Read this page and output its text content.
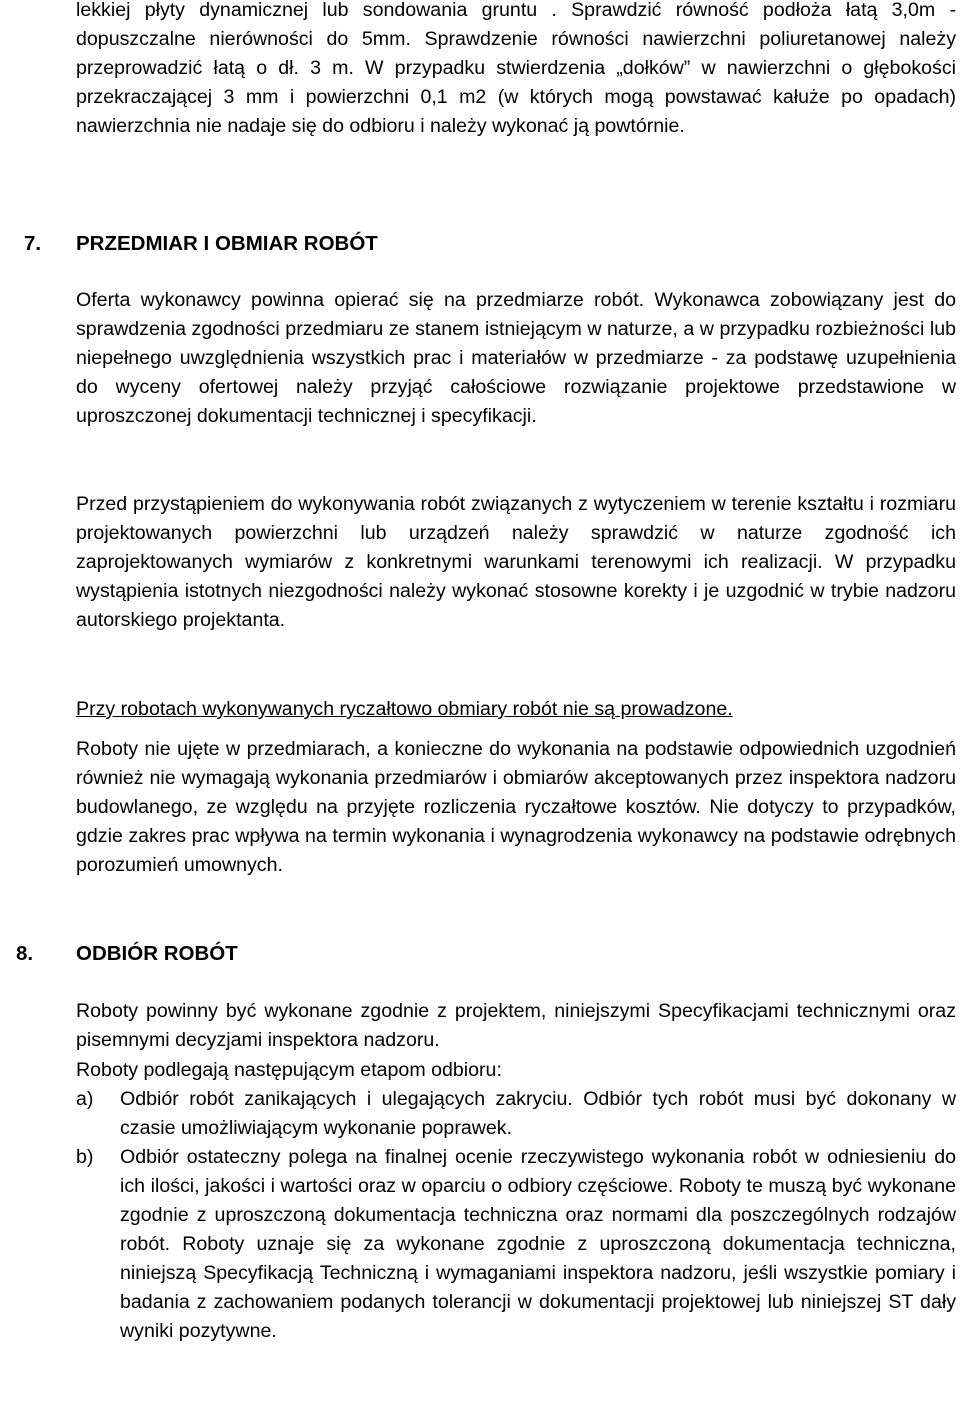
lekkiej płyty dynamicznej lub sondowania gruntu . Sprawdzić równość podłoża łatą 3,0m - dopuszczalne nierówności do 5mm. Sprawdzenie równości nawierzchni poliuretanowej należy przeprowadzić łatą o dł. 3 m. W przypadku stwierdzenia „dołków” w nawierzchni o głębokości przekraczającej 3 mm i powierzchni 0,1 m2 (w których mogą powstawać kałuże po opadach) nawierzchnia nie nadaje się do odbioru i należy wykonać ją powtórnie.

7. PRZEDMIAR I OBMIAR ROBÓT

Oferta wykonawcy powinna opierać się na przedmiarze robót. Wykonawca zobowiązany jest do sprawdzenia zgodności przedmiaru ze stanem istniejącym w naturze, a w przypadku rozbieżności lub niepełnego uwzględnienia wszystkich prac i materiałów w przedmiarze - za podstawę uzupełnienia do wyceny ofertowej należy przyjąć całościowe rozwiązanie projektowe przedstawione w uproszczonej dokumentacji technicznej i specyfikacji.

Przed przystąpieniem do wykonywania robót związanych z wytyczeniem w terenie kształtu i rozmiaru projektowanych powierzchni lub urządzeń należy sprawdzić w naturze zgodność ich zaprojektowanych wymiarów z konkretnymi warunkami terenowymi ich realizacji. W przypadku wystąpienia istotnych niezgodności należy wykonać stosowne korekty i je uzgodnić w trybie nadzoru autorskiego projektanta.

Przy robotach wykonywanych ryczałtowo obmiary robót nie są prowadzone.

Roboty nie ujęte w przedmiarach, a konieczne do wykonania na podstawie odpowiednich uzgodnień również nie wymagają wykonania przedmiarów i obmiarów akceptowanych przez inspektora nadzoru budowlanego, ze względu na przyjęte rozliczenia ryczałtowe kosztów. Nie dotyczy to przypadków, gdzie zakres prac wpływa na termin wykonania i wynagrodzenia wykonawcy na podstawie odrębnych porozumień umownych.

8. ODBIÓR ROBÓT

Roboty powinny być wykonane zgodnie z projektem, niniejszymi Specyfikacjami technicznymi oraz pisemnymi decyzjami inspektora nadzoru.

Roboty podlegają następującym etapom odbioru:

a) Odbiór robót zanikających i ulegających zakryciu. Odbiór tych robót musi być dokonany w czasie umożliwiającym wykonanie poprawek.
b) Odbiór ostateczny polega na finalnej ocenie rzeczywistego wykonania robót w odniesieniu do ich ilości, jakości i wartości oraz w oparciu o odbiory częściowe. Roboty te muszą być wykonane zgodnie z uproszczoną dokumentacja techniczna oraz normami dla poszczególnych rodzajów robót. Roboty uznaje się za wykonane zgodnie z uproszczoną dokumentacja techniczna, niniejszą Specyfikacją Techniczną i wymaganiami inspektora nadzoru, jeśli wszystkie pomiary i badania z zachowaniem podanych tolerancji w dokumentacji projektowej lub niniejszej ST dały wyniki pozytywne.
